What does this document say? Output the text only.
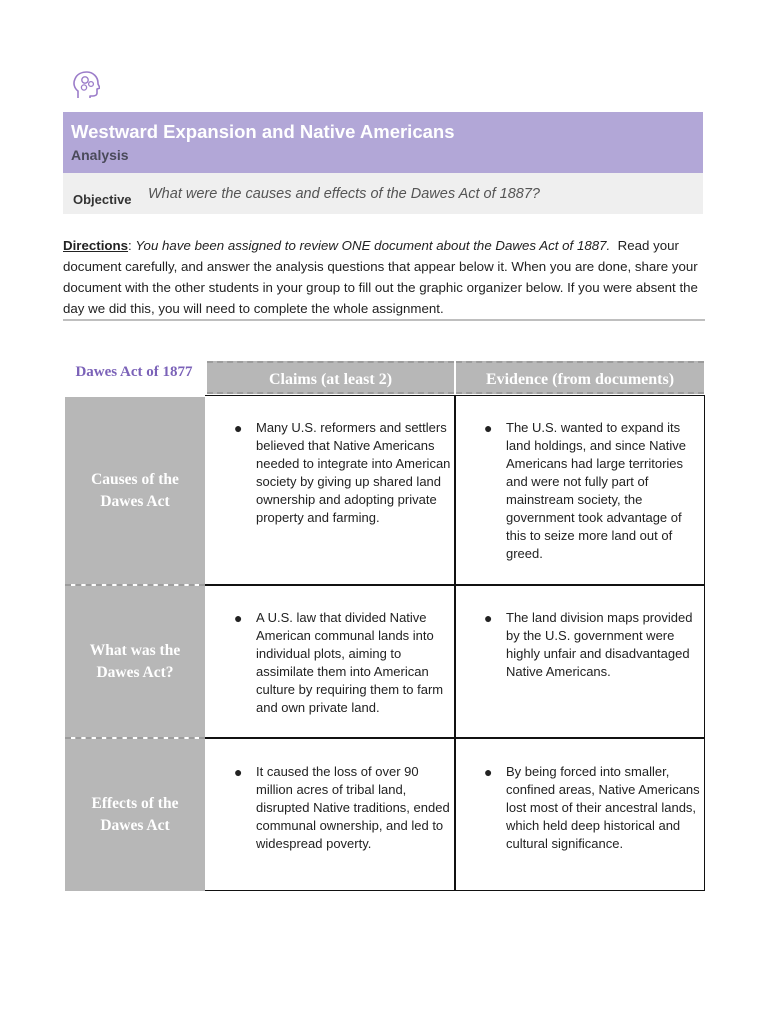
Westward Expansion and Native Americans
Analysis
Objective What were the causes and effects of the Dawes Act of 1887?
Directions: You have been assigned to review ONE document about the Dawes Act of 1887. Read your document carefully, and answer the analysis questions that appear below it. When you are done, share your document with the other students in your group to fill out the graphic organizer below. If you were absent the day we did this, you will need to complete the whole assignment.
Dawes Act of 1877	Claims (at least 2)	Evidence (from documents)
Causes of the Dawes Act
What was the Dawes Act?
Effects of the Dawes Act
● Many U.S. reformers and settlers believed that Native Americans needed to integrate into American society by giving up shared land ownership and adopting private property and farming.
● The U.S. wanted to expand its land holdings, and since Native Americans had large territories and were not fully part of mainstream society, the government took advantage of this to seize more land out of greed.
● A U.S. law that divided Native American communal lands into individual plots, aiming to assimilate them into American culture by requiring them to farm and own private land.
● The land division maps provided by the U.S. government were highly unfair and disadvantaged Native Americans.
● It caused the loss of over 90 million acres of tribal land, disrupted Native traditions, ended communal ownership, and led to widespread poverty.
● By being forced into smaller, confined areas, Native Americans lost most of their ancestral lands, which held deep historical and cultural significance.
